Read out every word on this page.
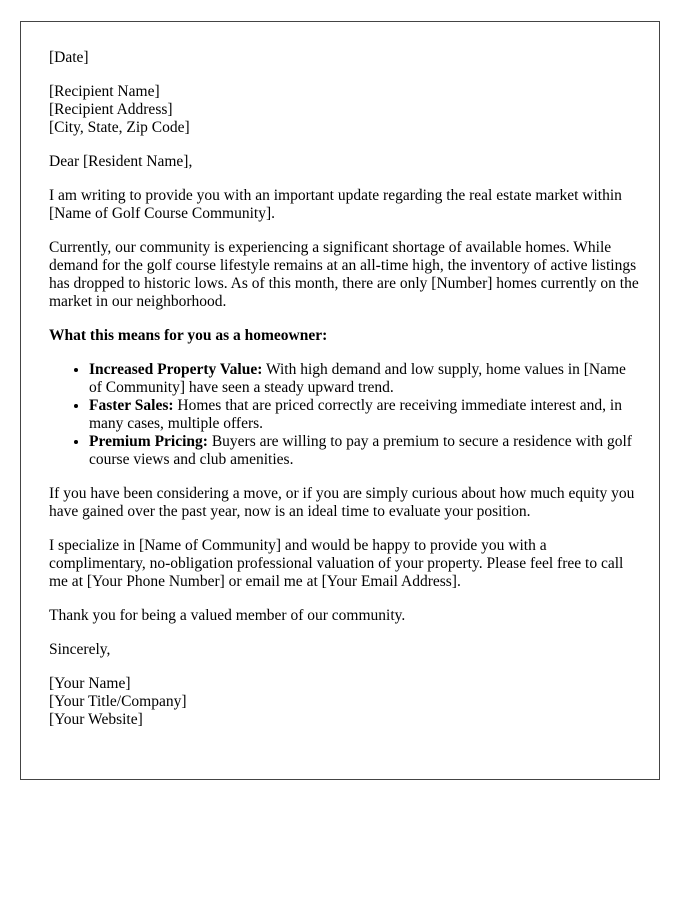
[Date]

[Recipient Name]
[Recipient Address]
[City, State, Zip Code]

Dear [Resident Name],

I am writing to provide you with an important update regarding the real estate market within [Name of Golf Course Community].

Currently, our community is experiencing a significant shortage of available homes. While demand for the golf course lifestyle remains at an all-time high, the inventory of active listings has dropped to historic lows. As of this month, there are only [Number] homes currently on the market in our neighborhood.

What this means for you as a homeowner:

• Increased Property Value: With high demand and low supply, home values in [Name of Community] have seen a steady upward trend.
• Faster Sales: Homes that are priced correctly are receiving immediate interest and, in many cases, multiple offers.
• Premium Pricing: Buyers are willing to pay a premium to secure a residence with golf course views and club amenities.

If you have been considering a move, or if you are simply curious about how much equity you have gained over the past year, now is an ideal time to evaluate your position.

I specialize in [Name of Community] and would be happy to provide you with a complimentary, no-obligation professional valuation of your property. Please feel free to call me at [Your Phone Number] or email me at [Your Email Address].

Thank you for being a valued member of our community.

Sincerely,

[Your Name]
[Your Title/Company]
[Your Website]
